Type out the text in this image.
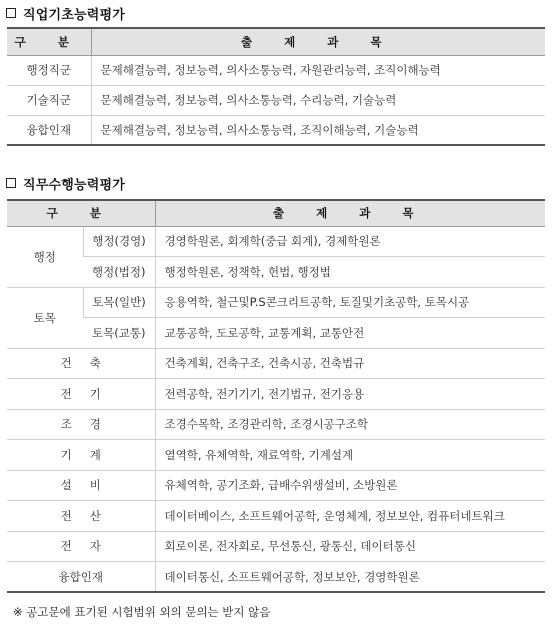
직업기초능력평가
구 분	출 제 과 목
행정직군	문제해결능력, 정보능력, 의사소통능력, 자원관리능력, 조직이해능력
기술직군	문제해결능력, 정보능력, 의사소통능력, 수리능력, 기술능력
융합인재	문제해결능력, 정보능력, 의사소통능력, 조직이해능력, 기술능력
직무수행능력평가
구 분		출 제 과 목
행정	행정(경영)	경영학원론, 회계학(중급 회계), 경제학원론
	행정(법정)	행정학원론, 정책학, 헌법, 행정법
토목	토목(일반)	응용역학, 철근및P.S콘크리트공학, 토질및기초공학, 토목시공
	토목(교통)	교통공학, 도로공학, 교통계획, 교통안전
건축		건축계획, 건축구조, 건축시공, 건축법규
전기		전력공학, 전기기기, 전기법규, 전기응용
조경		조경수목학, 조경관리학, 조경시공구조학
기계		열역학, 유체역학, 재료역학, 기계설계
설비		유체역학, 공기조화, 급배수위생설비, 소방원론
전산		데이터베이스, 소프트웨어공학, 운영체계, 정보보안, 컴퓨터네트워크
전자		회로이론, 전자회로, 무선통신, 광통신, 데이터통신
융합인재		데이터통신, 소프트웨어공학, 정보보안, 경영학원론
※ 공고문에 표기된 시험범위 외의 문의는 받지 않음
